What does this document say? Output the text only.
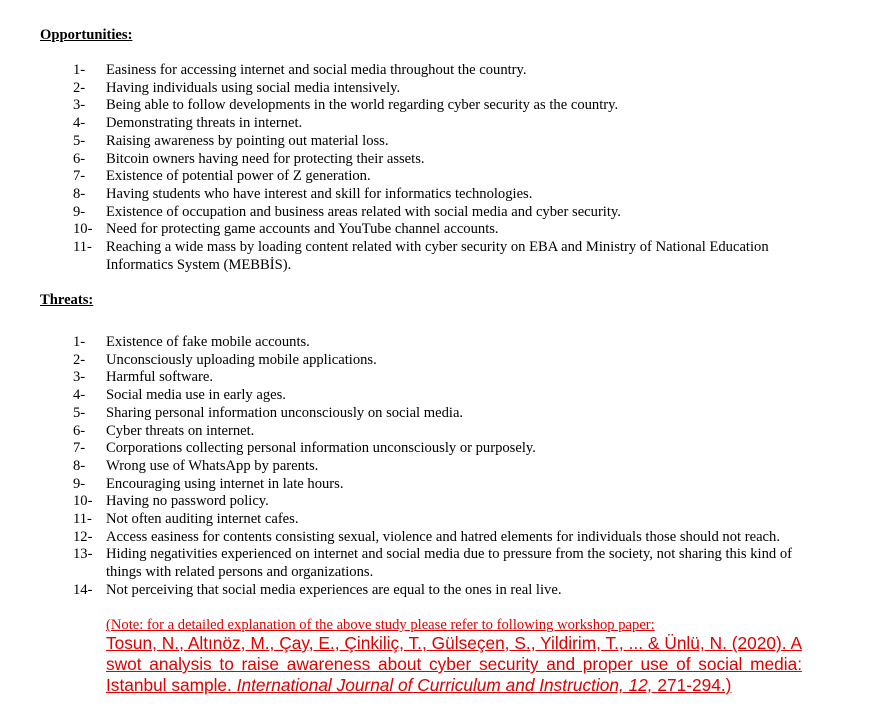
Opportunities:
1- Easiness for accessing internet and social media throughout the country.
2- Having individuals using social media intensively.
3- Being able to follow developments in the world regarding cyber security as the country.
4- Demonstrating threats in internet.
5- Raising awareness by pointing out material loss.
6- Bitcoin owners having need for protecting their assets.
7- Existence of potential power of Z generation.
8- Having students who have interest and skill for informatics technologies.
9- Existence of occupation and business areas related with social media and cyber security.
10- Need for protecting game accounts and YouTube channel accounts.
11- Reaching a wide mass by loading content related with cyber security on EBA and Ministry of National Education Informatics System (MEBBİS).
Threats:
1- Existence of fake mobile accounts.
2- Unconsciously uploading mobile applications.
3- Harmful software.
4- Social media use in early ages.
5- Sharing personal information unconsciously on social media.
6- Cyber threats on internet.
7- Corporations collecting personal information unconsciously or purposely.
8- Wrong use of WhatsApp by parents.
9- Encouraging using internet in late hours.
10- Having no password policy.
11- Not often auditing internet cafes.
12- Access easiness for contents consisting sexual, violence and hatred elements for individuals those should not reach.
13- Hiding negativities experienced on internet and social media due to pressure from the society, not sharing this kind of things with related persons and organizations.
14- Not perceiving that social media experiences are equal to the ones in real live.
(Note: for a detailed explanation of the above study please refer to following workshop paper:
Tosun, N., Altınöz, M., Çay, E., Çinkiliç, T., Gülseçen, S., Yildirim, T., ... & Ünlü, N. (2020). A swot analysis to raise awareness about cyber security and proper use of social media: Istanbul sample. International Journal of Curriculum and Instruction, 12, 271-294.)
